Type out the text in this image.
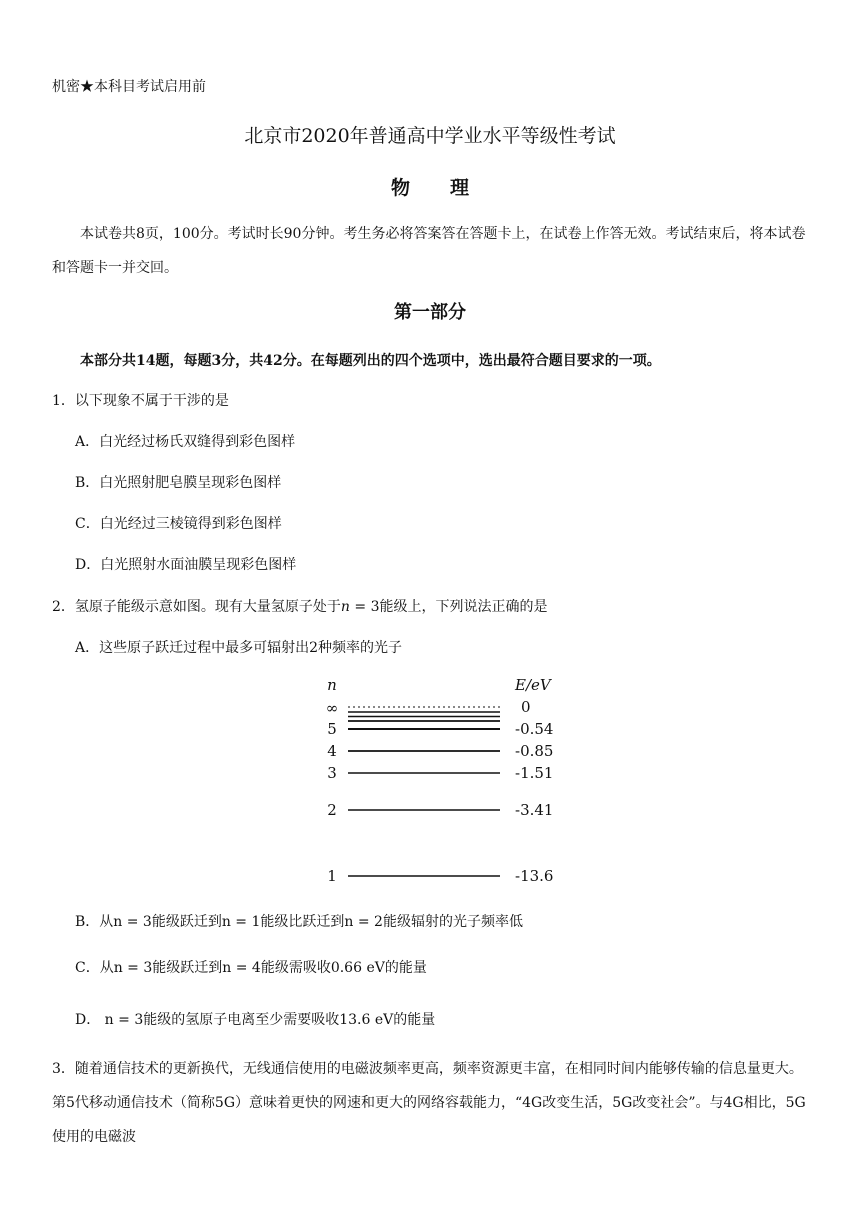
机密★本科目考试启用前
北京市2020年普通高中学业水平等级性考试
物理
本试卷共8页，100分。考试时长90分钟。考生务必将答案答在答题卡上，在试卷上作答无效。考试结束后，将本试卷和答题卡一并交回。
第一部分
本部分共14题，每题3分，共42分。在每题列出的四个选项中，选出最符合题目要求的一项。
1．以下现象不属于干涉的是
A．白光经过杨氏双缝得到彩色图样
B．白光照射肥皂膜呈现彩色图样
C．白光经过三棱镜得到彩色图样
D．白光照射水面油膜呈现彩色图样
2．氢原子能级示意如图。现有大量氢原子处于n = 3能级上，下列说法正确的是
A．这些原子跃迁过程中最多可辐射出2种频率的光子
n	E/eV
∞	0
5	-0.54
4	-0.85
3	-1.51
2	-3.41
1	-13.6
B．从n = 3能级跃迁到n = 1能级比跃迁到n = 2能级辐射的光子频率低
C．从n = 3能级跃迁到n = 4能级需吸收0.66 eV的能量
D． n = 3能级的氢原子电离至少需要吸收13.6 eV的能量
3．随着通信技术的更新换代，无线通信使用的电磁波频率更高，频率资源更丰富，在相同时间内能够传输的信息量更大。第5代移动通信技术（简称5G）意味着更快的网速和更大的网络容载能力，“4G改变生活，5G改变社会”。与4G相比，5G使用的电磁波
